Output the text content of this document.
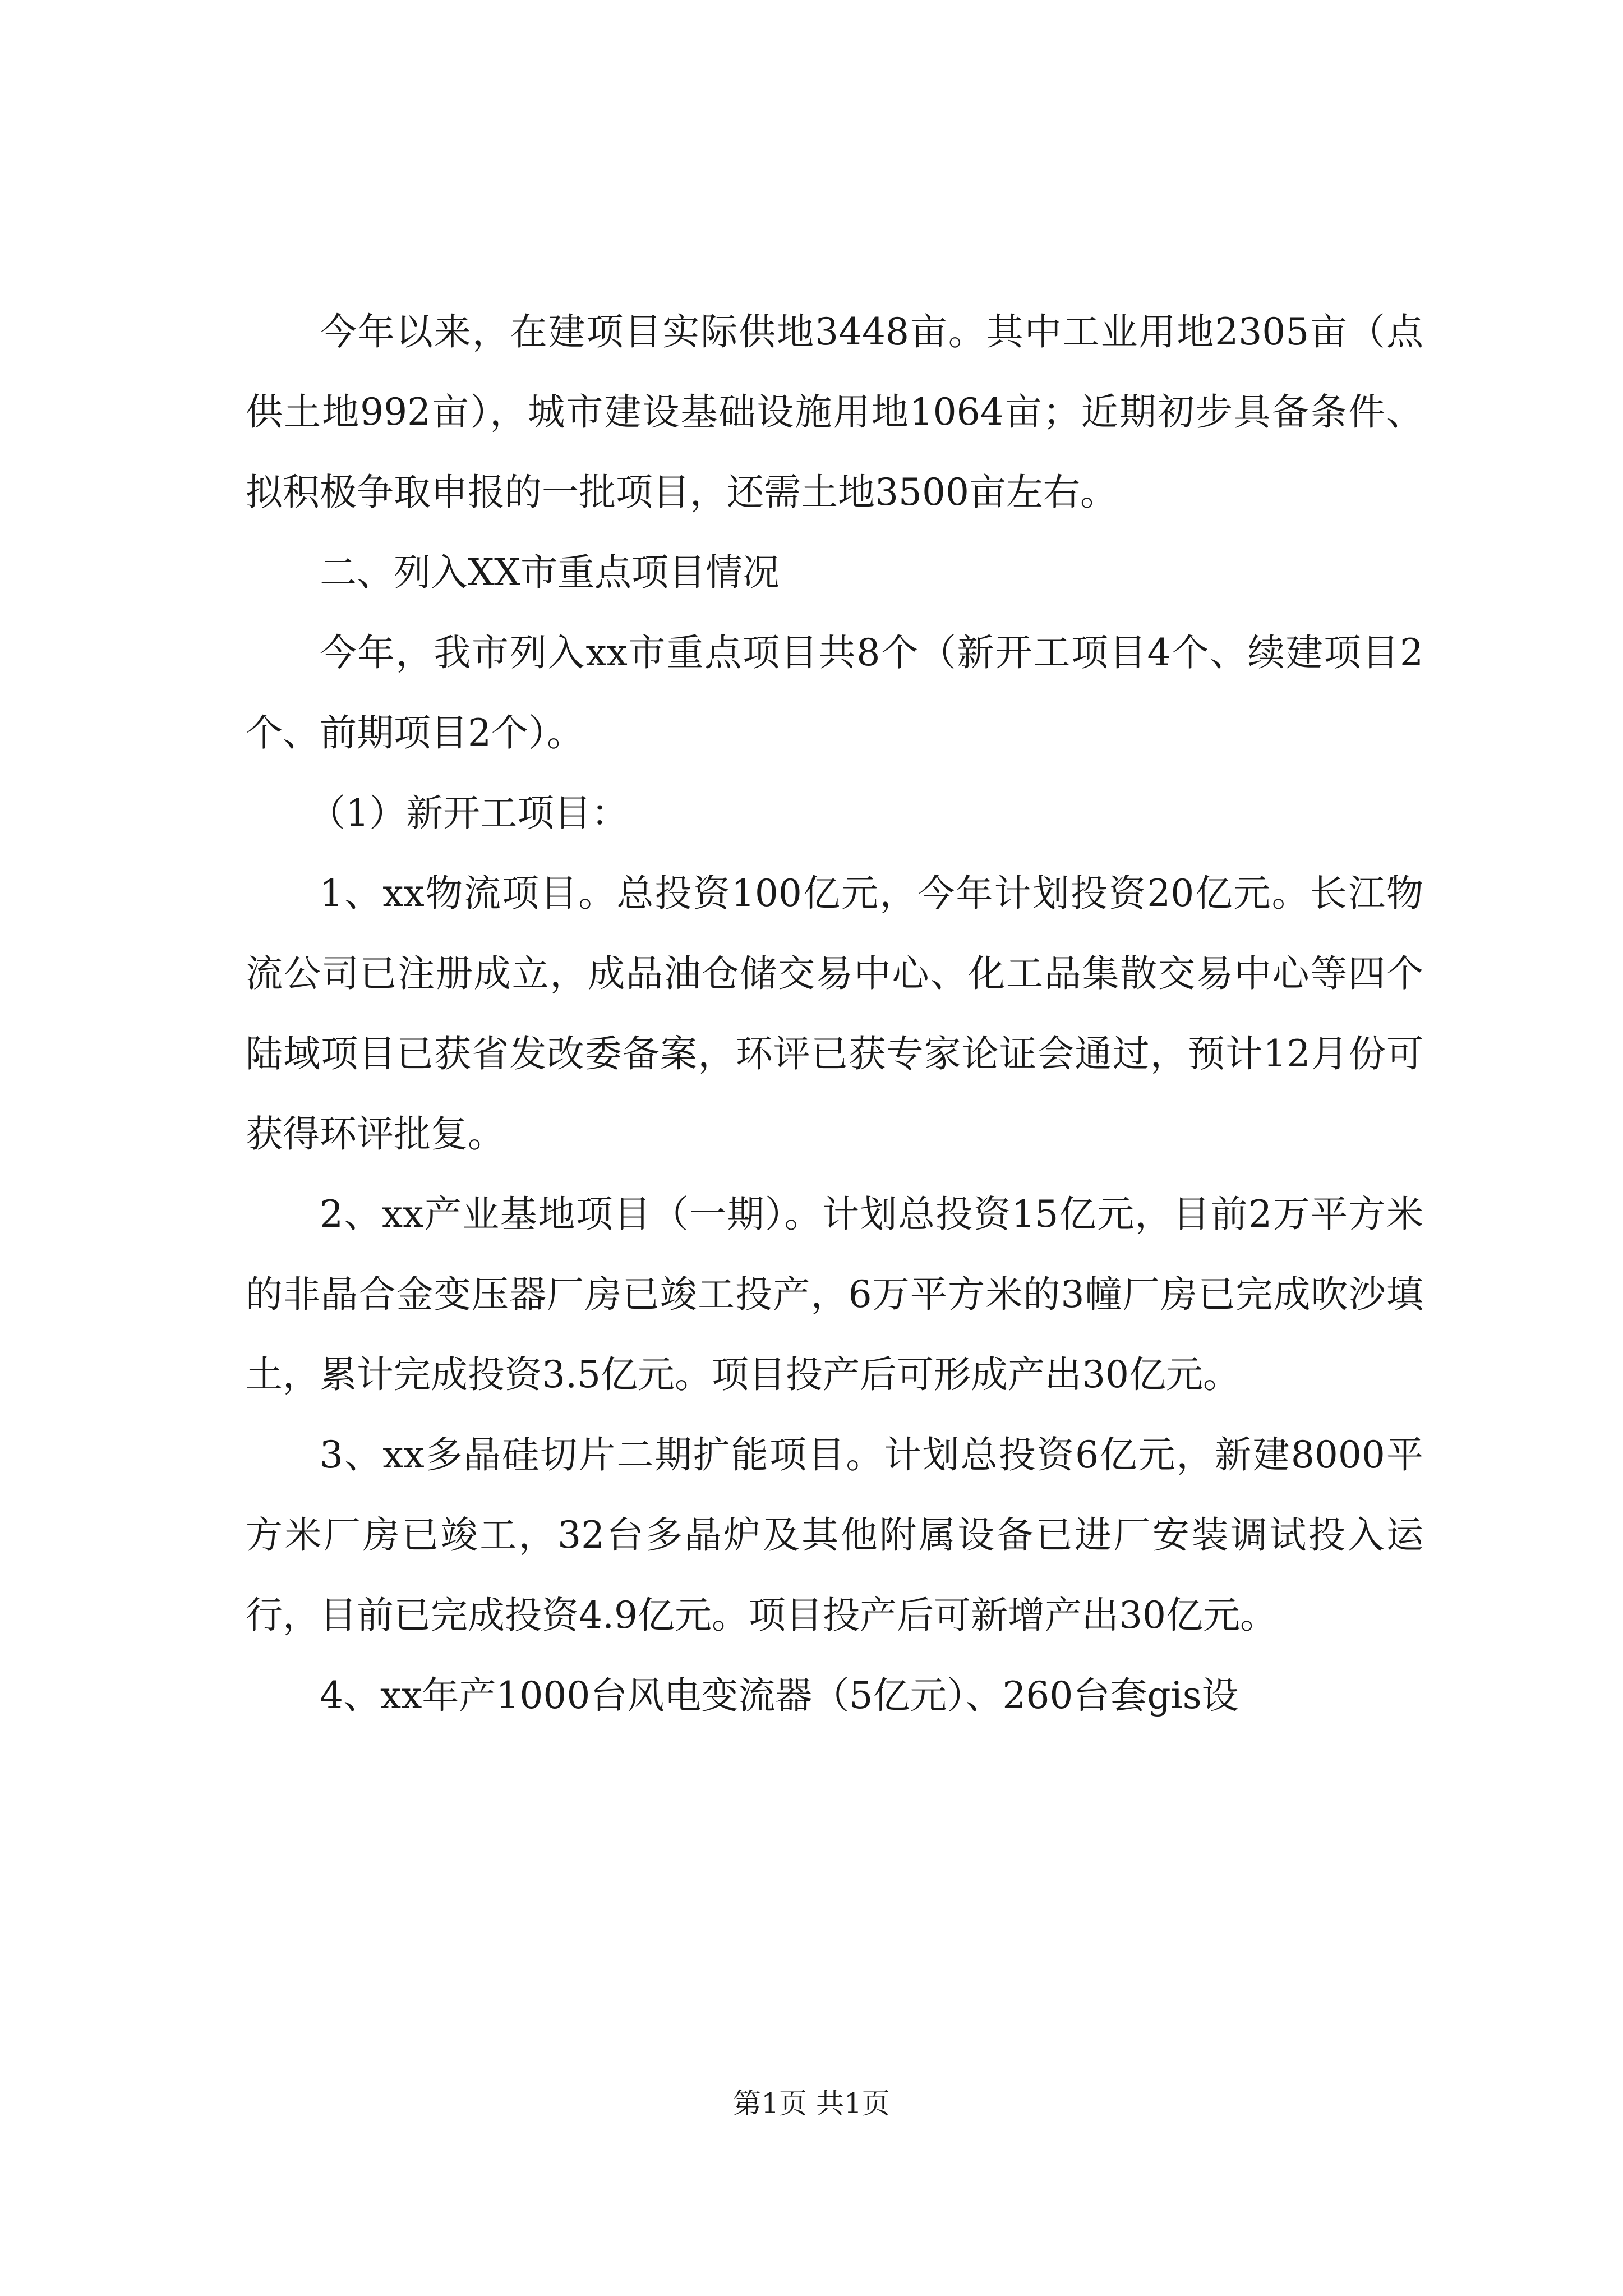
今年以来，在建项目实际供地3448亩。其中工业用地2305亩（点供土地992亩），城市建设基础设施用地1064亩；近期初步具备条件、拟积极争取申报的一批项目，还需土地3500亩左右。

二、列入XX市重点项目情况

今年，我市列入xx市重点项目共8个（新开工项目4个、续建项目2个、前期项目2个）。

（1）新开工项目：

1、xx物流项目。总投资100亿元，今年计划投资20亿元。长江物流公司已注册成立，成品油仓储交易中心、化工品集散交易中心等四个陆域项目已获省发改委备案，环评已获专家论证会通过，预计12月份可获得环评批复。

2、xx产业基地项目（一期）。计划总投资15亿元，目前2万平方米的非晶合金变压器厂房已竣工投产，6万平方米的3幢厂房已完成吹沙填土，累计完成投资3.5亿元。项目投产后可形成产出30亿元。

3、xx多晶硅切片二期扩能项目。计划总投资6亿元，新建8000平方米厂房已竣工，32台多晶炉及其他附属设备已进厂安装调试投入运行，目前已完成投资4.9亿元。项目投产后可新增产出30亿元。

4、xx年产1000台风电变流器（5亿元）、260台套gis设

第1页 共1页
